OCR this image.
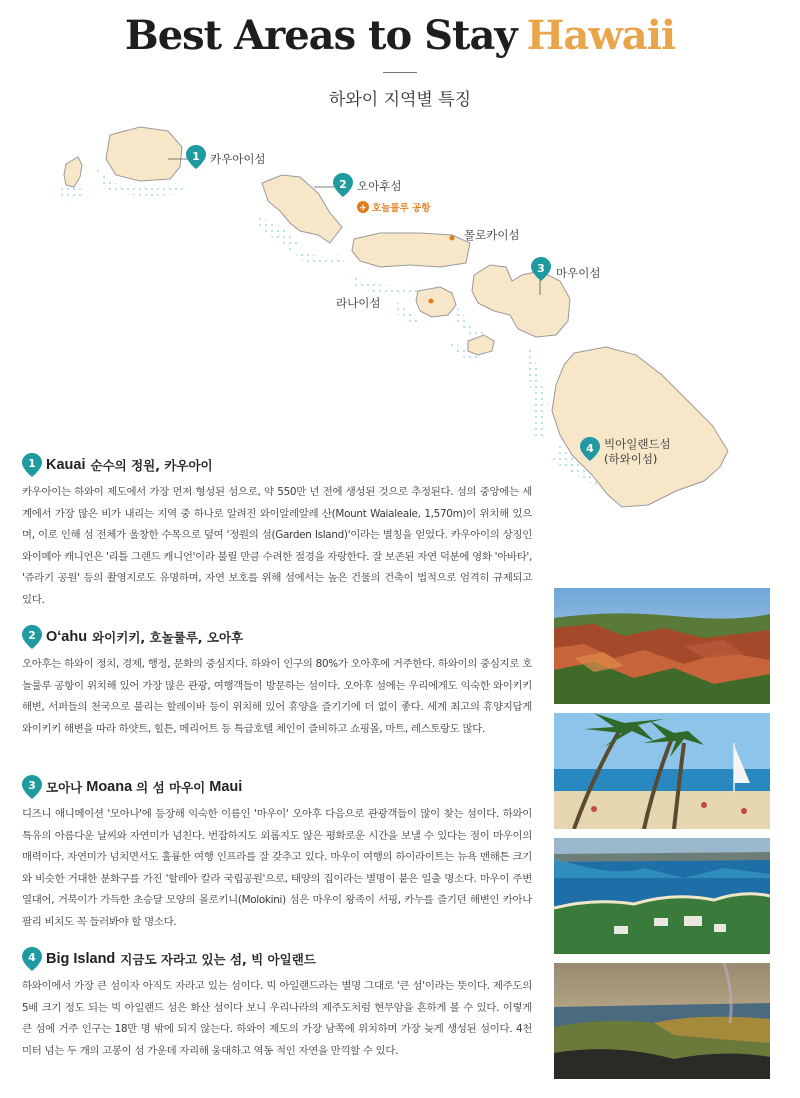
Best Areas to Stay Hawaii

하와이 지역별 특징

1 카우아이섬
2 오아후섬
✈ 호놀룰루 공항
몰로카이섬
3 마우이섬
라나이섬
4 빅아일랜드섬
(하와이섬)
1 Kauai 순수의 정원, 카우아이

카우아이는 하와이 제도에서 가장 먼저 형성된 섬으로, 약 550만 년 전에 생성된 것으로 추정된다. 섬의 중앙에는 세계에서 가장 많은 비가 내리는 지역 중 하나로 알려진 와이알레알레 산(Mount Waialeale, 1,570m)이 위치해 있으며, 이로 인해 섬 전체가 울창한 수목으로 덮여 '정원의 섬(Garden Island)'이라는 별칭을 얻었다. 카우아이의 상징인 와이메아 캐니언은 '리틀 그랜드 캐니언'이라 불릴 만큼 수려한 절경을 자랑한다. 잘 보존된 자연 덕분에 영화 '아바타', '쥬라기 공원' 등의 촬영지로도 유명하며, 자연 보호를 위해 섬에서는 높은 건물의 건축이 법적으로 엄격히 규제되고 있다.

2 Oʻahu 와이키키, 호놀룰루, 오아후

오아후는 하와이 정치, 경제, 행정, 문화의 중심지다. 하와이 인구의 80%가 오아후에 거주한다. 하와이의 중심지로 호놀룰루 공항이 위치해 있어 가장 많은 관광, 여행객들이 방문하는 섬이다. 오아후 섬에는 우리에게도 익숙한 와이키키 해변, 서퍼들의 천국으로 불리는 할레이바 등이 위치해 있어 휴양을 즐기기에 더 없이 좋다. 세계 최고의 휴양지답게 와이키키 해변을 따라 하얏트, 힐튼, 메리어트 등 특급호텔 체인이 즐비하고 쇼핑몰, 마트, 레스토랑도 많다.

3 모아나 Moana 의 섬 마우이 Maui

디즈니 애니메이션 '모아나'에 등장해 익숙한 이름인 '마우이' 오아후 다음으로 관광객들이 많이 찾는 섬이다. 하와이 특유의 아름다운 날씨와 자연미가 넘친다. 번잡하지도 외롭지도 않은 평화로운 시간을 보낼 수 있다는 점이 마우이의 매력이다. 자연미가 넘치면서도 훌륭한 여행 인프라를 잘 갖추고 있다. 마우이 여행의 하이라이트는 뉴욕 맨해튼 크기와 비슷한 거대한 분화구를 가진 '할레아 칼라 국립공원'으로, 태양의 집이라는 별명이 붙은 일출 명소다. 마우이 주변 열대어, 거북이가 가득한 초승달 모양의 몰로키니(Molokini) 섬은 마우이 왕족이 서핑, 카누를 즐기던 해변인 카아나팔리 비치도 꼭 들러봐야 할 명소다.

4 Big Island 지금도 자라고 있는 섬, 빅 아일랜드

하와이에서 가장 큰 섬이자 아직도 자라고 있는 섬이다. 빅 아일랜드라는 별명 그대로 '큰 섬'이라는 뜻이다. 제주도의 5배 크기 정도 되는 빅 아일랜드 섬은 화산 섬이다 보니 우리나라의 제주도처럼 현무암을 흔하게 볼 수 있다. 이렇게 큰 섬에 거주 인구는 18만 명 밖에 되지 않는다. 하와이 제도의 가장 남쪽에 위치하며 가장 늦게 생성된 섬이다. 4천 미터 넘는 두 개의 고봉이 섬 가운데 자리해 웅대하고 역동 적인 자연을 만끽할 수 있다.
